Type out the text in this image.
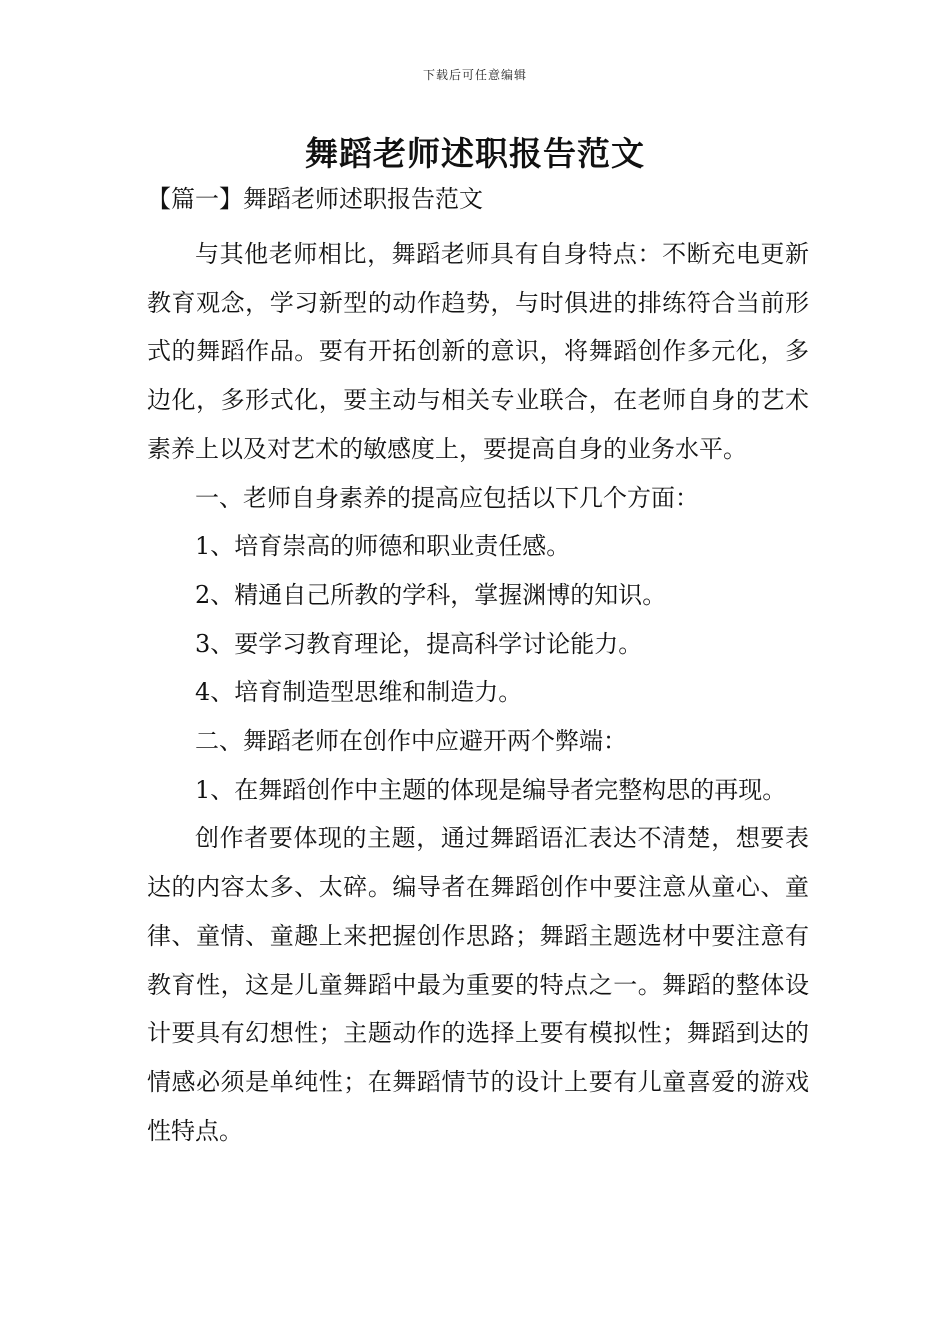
下载后可任意编辑
舞蹈老师述职报告范文
【篇一】舞蹈老师述职报告范文

与其他老师相比，舞蹈老师具有自身特点：不断充电更新教育观念，学习新型的动作趋势，与时俱进的排练符合当前形式的舞蹈作品。要有开拓创新的意识，将舞蹈创作多元化，多边化，多形式化，要主动与相关专业联合，在老师自身的艺术素养上以及对艺术的敏感度上，要提高自身的业务水平。

一、老师自身素养的提高应包括以下几个方面：

1、培育崇高的师德和职业责任感。

2、精通自己所教的学科，掌握渊博的知识。

3、要学习教育理论，提高科学讨论能力。

4、培育制造型思维和制造力。

二、舞蹈老师在创作中应避开两个弊端：

1、在舞蹈创作中主题的体现是编导者完整构思的再现。

创作者要体现的主题，通过舞蹈语汇表达不清楚，想要表达的内容太多、太碎。编导者在舞蹈创作中要注意从童心、童律、童情、童趣上来把握创作思路；舞蹈主题选材中要注意有教育性，这是儿童舞蹈中最为重要的特点之一。舞蹈的整体设计要具有幻想性；主题动作的选择上要有模拟性；舞蹈到达的情感必须是单纯性；在舞蹈情节的设计上要有儿童喜爱的游戏性特点。
